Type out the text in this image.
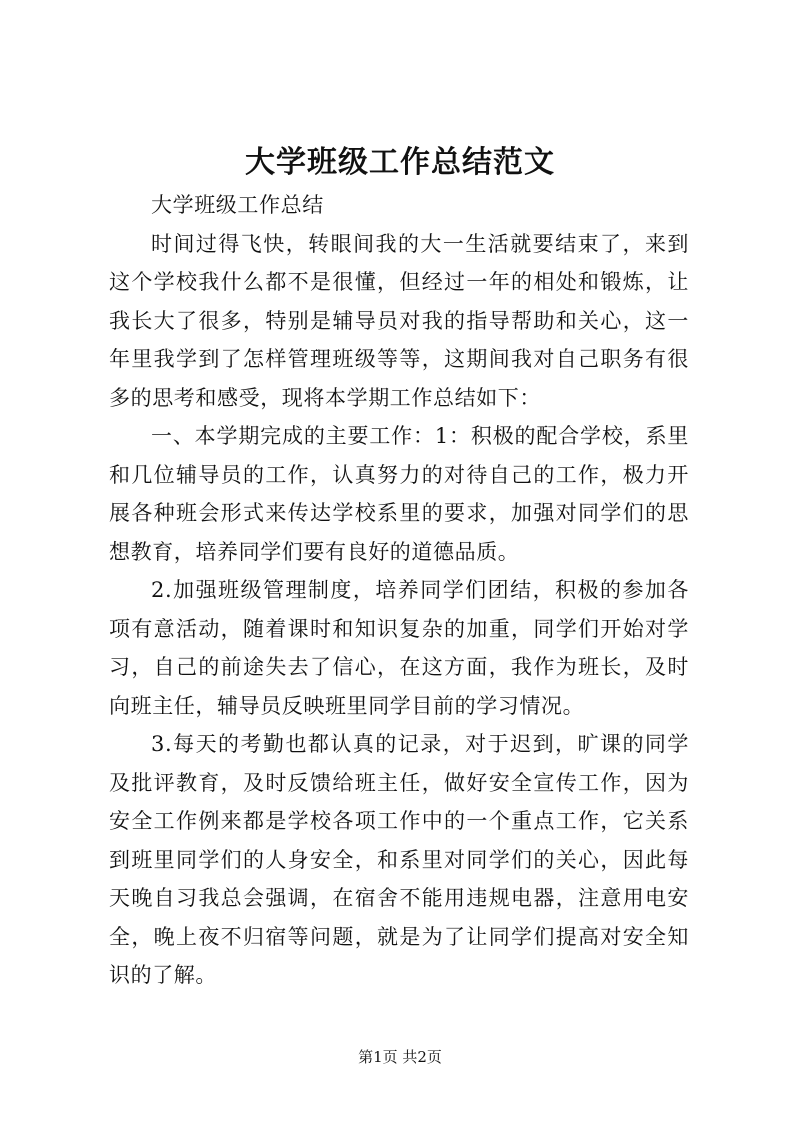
大学班级工作总结范文

大学班级工作总结

时间过得飞快，转眼间我的大一生活就要结束了，来到这个学校我什么都不是很懂，但经过一年的相处和锻炼，让我长大了很多，特别是辅导员对我的指导帮助和关心，这一年里我学到了怎样管理班级等等，这期间我对自己职务有很多的思考和感受，现将本学期工作总结如下：

一、本学期完成的主要工作：1：积极的配合学校，系里和几位辅导员的工作，认真努力的对待自己的工作，极力开展各种班会形式来传达学校系里的要求，加强对同学们的思想教育，培养同学们要有良好的道德品质。

2.加强班级管理制度，培养同学们团结，积极的参加各项有意活动，随着课时和知识复杂的加重，同学们开始对学习，自己的前途失去了信心，在这方面，我作为班长，及时向班主任，辅导员反映班里同学目前的学习情况。

3.每天的考勤也都认真的记录，对于迟到，旷课的同学及批评教育，及时反馈给班主任，做好安全宣传工作，因为安全工作例来都是学校各项工作中的一个重点工作，它关系到班里同学们的人身安全，和系里对同学们的关心，因此每天晚自习我总会强调，在宿舍不能用违规电器，注意用电安全，晚上夜不归宿等问题，就是为了让同学们提高对安全知识的了解。

第1页 共2页
